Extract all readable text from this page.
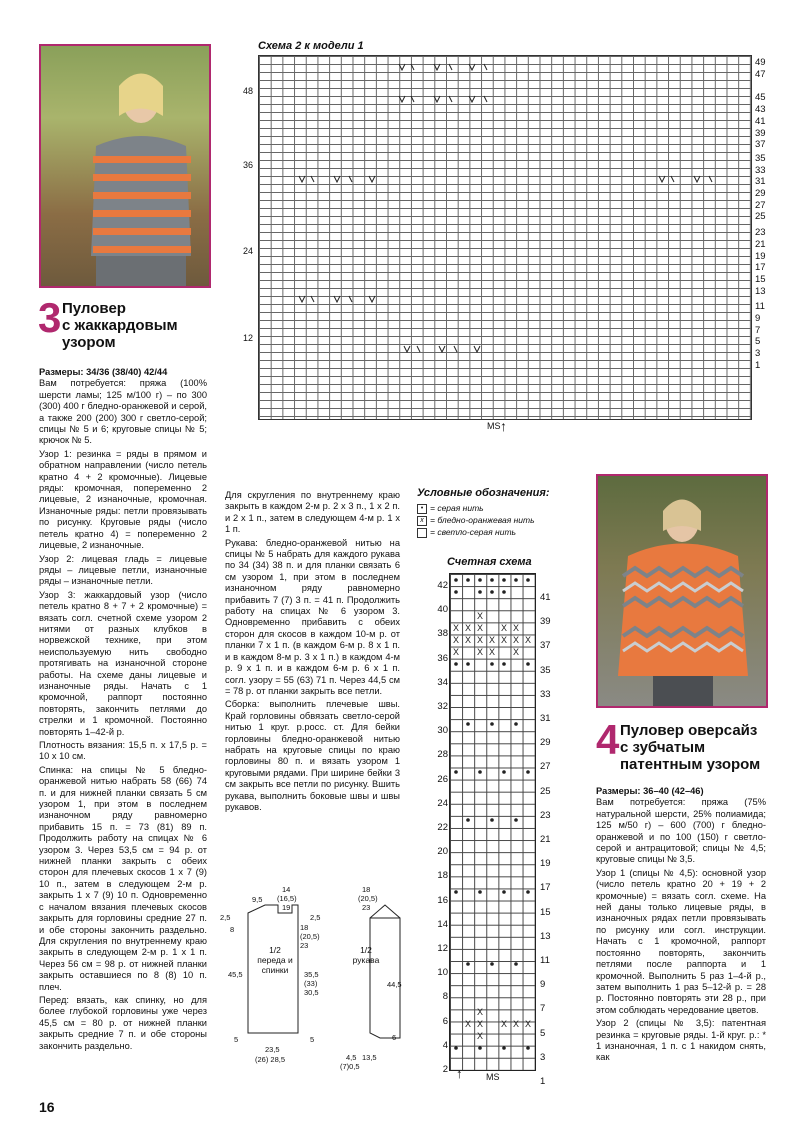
3 Пуловер
с жаккардовым
узором
Размеры: 34/36 (38/40) 42/44
Вам потребуется: пряжа (100% шерсти ламы; 125 м/100 г) – по 300 (300) 400 г бледно-оранжевой и серой, а также 200 (200) 300 г светло-серой; спицы № 5 и 6; круговые спицы № 5; крючок № 5.
Узор 1: резинка = ряды в прямом и обратном направлении (число петель кратно 4 + 2 кромочные). Лицевые ряды: кромочная, попеременно 2 лицевые, 2 изнаночные, кромочная. Изнаночные ряды: петли провязывать по рисунку. Круговые ряды (число петель кратно 4) = попеременно 2 лицевые, 2 изнаночные.
Узор 2: лицевая гладь = лицевые ряды – лицевые петли, изнаночные ряды – изнаночные петли.
Узор 3: жаккардовый узор (число петель кратно 8 + 7 + 2 кромочные) = вязать согл. счетной схеме узором 2 нитями от разных клубков в норвежской технике, при этом неиспользуемую нить свободно протягивать на изнаночной стороне работы. На схеме даны лицевые и изнаночные ряды. Начать с 1 кромочной, раппорт постоянно повторять, закончить петлями до стрелки и 1 кромочной. Постоянно повторять 1–42-й р.
Плотность вязания: 15,5 п. х 17,5 р. = 10 х 10 см.
Спинка: на спицы № 5 бледно-оранжевой нитью набрать 58 (66) 74 п. и для нижней планки связать 5 см узором 1, при этом в последнем изнаночном ряду равномерно прибавить 15 п. = 73 (81) 89 п. Продолжить работу на спицах № 6 узором 3. Через 53,5 см = 94 р. от нижней планки закрыть с обеих сторон для плечевых скосов 1 х 7 (9) 10 п., затем в следующем 2-м р. закрыть 1 х 7 (9) 10 п. Одновременно с началом вязания плечевых скосов закрыть для горловины средние 27 п. и обе стороны закончить раздельно. Для скругления по внутреннему краю закрыть в следующем 2-м р. 1 х 1 п. Через 56 см = 98 р. от нижней планки закрыть оставшиеся по 8 (8) 10 п. плеч.
Перед: вязать, как спинку, но для более глубокой горловины уже через 45,5 см = 80 р. от нижней планки закрыть средние 7 п. и обе стороны закончить раздельно.
Для скругления по внутреннему краю закрыть в каждом 2-м р. 2 х 3 п., 1 х 2 п. и 2 х 1 п., затем в следующем 4-м р. 1 х 1 п.
Рукава: бледно-оранжевой нитью на спицы № 5 набрать для каждого рукава по 34 (34) 38 п. и для планки связать 6 см узором 1, при этом в последнем изнаночном ряду равномерно прибавить 7 (7) 3 п. = 41 п. Продолжить работу на спицах № 6 узором 3. Одновременно прибавить с обеих сторон для скосов в каждом 10-м р. от планки 7 х 1 п. (в каждом 6-м р. 8 х 1 п. и в каждом 8-м р. 3 х 1 п.) в каждом 4-м р. 9 х 1 п. и в каждом 6-м р. 6 х 1 п. согл. узору = 55 (63) 71 п. Через 44,5 см = 78 р. от планки закрыть все петли.
Сборка: выполнить плечевые швы. Край горловины обвязать светло-серой нитью 1 круг. р.росс. ст. Для бейки горловины бледно-оранжевой нитью набрать на круговые спицы по краю горловины 80 п. и вязать узором 1 круговыми рядами. При ширине бейки 3 см закрыть все петли по рисунку. Вшить рукава, выполнить боковые швы и швы рукавов.
Схема 2 к модели 1
MS ↑
49
47
45
43
41
39
37
35
33
31
29
27
25
23
21
19
17
15
13
11
9
7
5
3
1
48
36
24
12
Условные обозначения:
• = серая нить
x = бледно-оранжевая нить
= светло-серая нить
Счетная схема
X
X X X X X
X X X X X X X
X X X X
X
X X X X X
X
42
40
38
36
34
32
30
28
26
24
22
20
18
16
14
12
10
8
6
4
2
41
39
37
35
33
31
29
27
25
23
21
19
17
15
13
11
9
7
5
3
1
↑	MS
1/2 переда и спинки
14
(16,5)
19
9,5
2,5	2,5
8	18
(20,5)
23
45,5	35,5
(33)
30,5
5
23,5
(26) 28,5
5
1/2 рукава
18
(20,5)
23
44,5
6
4,5
(7)0,5
13,5
4 Пуловер оверсайз
с зубчатым
патентным узором
Размеры: 36–40 (42–46)
Вам потребуется: пряжа (75% натуральной шерсти, 25% полиамида; 125 м/50 г) – 600 (700) г бледно-оранжевой и по 100 (150) г светло-серой и антрацитовой; спицы № 4,5; круговые спицы № 3,5.
Узор 1 (спицы № 4,5): основной узор (число петель кратно 20 + 19 + 2 кромочные) = вязать согл. схеме. На ней даны только лицевые ряды, в изнаночных рядах петли провязывать по рисунку или согл. инструкции. Начать с 1 кромочной, раппорт постоянно повторять, закончить петлями после раппорта и 1 кромочной. Выполнить 5 раз 1–4-й р., затем выполнить 1 раз 5–12-й р. = 28 р. Постоянно повторять эти 28 р., при этом соблюдать чередование цветов.
Узор 2 (спицы № 3,5): патентная резинка = круговые ряды. 1-й круг. р.: * 1 изнаночная, 1 п. с 1 накидом снять, как
16
